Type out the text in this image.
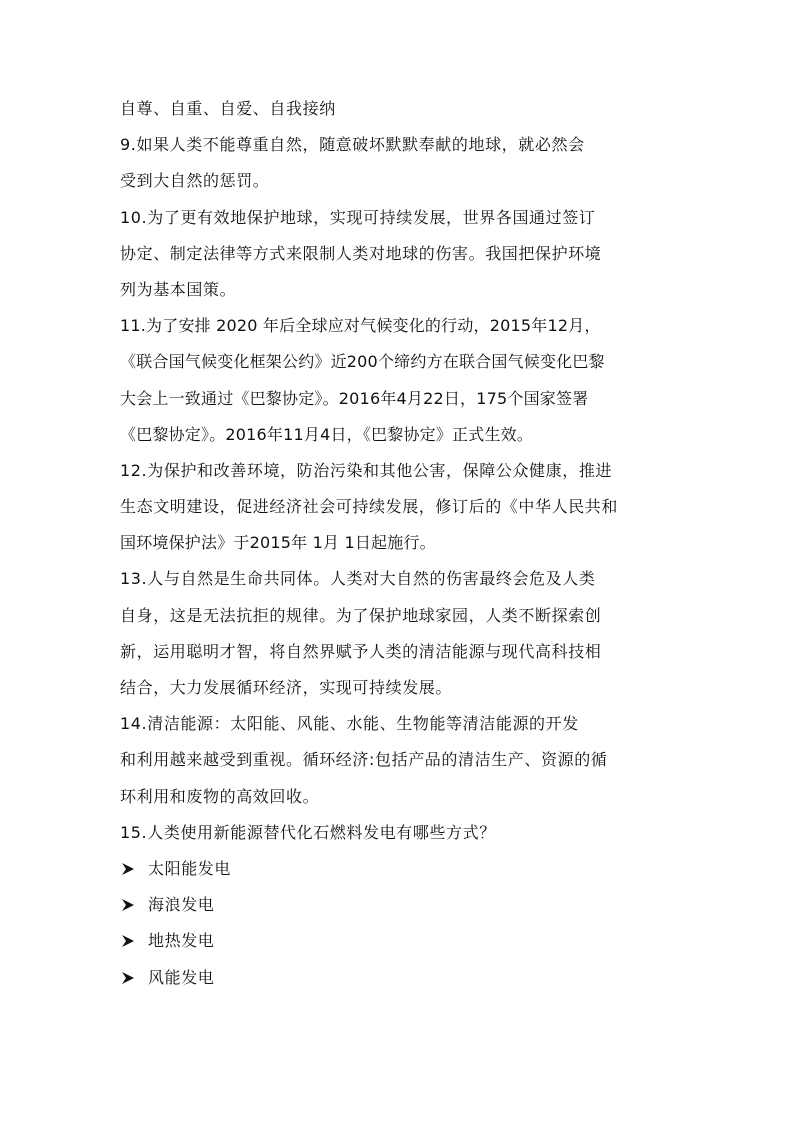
自尊、自重、自爱、自我接纳
9.如果人类不能尊重自然，随意破坏默默奉献的地球，就必然会
受到大自然的惩罚。
10.为了更有效地保护地球，实现可持续发展，世界各国通过签订
协定、制定法律等方式来限制人类对地球的伤害。我国把保护环境
列为基本国策。
11.为了安排 2020 年后全球应对气候变化的行动，2015年12月，
《联合国气候变化框架公约》近200个缔约方在联合国气候变化巴黎
大会上一致通过《巴黎协定》。2016年4月22日，175个国家签署
《巴黎协定》。2016年11月4日，《巴黎协定》正式生效。
12.为保护和改善环境，防治污染和其他公害，保障公众健康，推进
生态文明建设，促进经济社会可持续发展，修订后的《中华人民共和
国环境保护法》于2015年 1月 1日起施行。
13.人与自然是生命共同体。人类对大自然的伤害最终会危及人类
自身，这是无法抗拒的规律。为了保护地球家园，人类不断探索创
新，运用聪明才智，将自然界赋予人类的清洁能源与现代高科技相
结合，大力发展循环经济，实现可持续发展。
14.清洁能源：太阳能、风能、水能、生物能等清洁能源的开发
和利用越来越受到重视。循环经济:包括产品的清洁生产、资源的循
环利用和废物的高效回收。
15.人类使用新能源替代化石燃料发电有哪些方式？
太阳能发电
海浪发电
地热发电
风能发电
